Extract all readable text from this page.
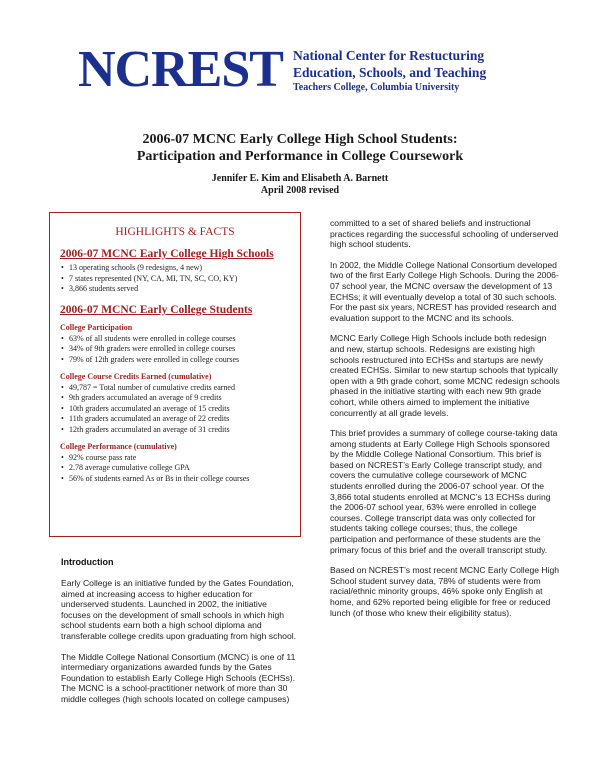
NCREST National Center for Restucturing
Education, Schools, and Teaching
Teachers College, Columbia University
2006-07 MCNC Early College High School Students:
Participation and Performance in College Coursework
Jennifer E. Kim and Elisabeth A. Barnett
April 2008 revised
HIGHLIGHTS & FACTS
2006-07 MCNC Early College High Schools
• 13 operating schools (9 redesigns, 4 new)
• 7 states represented (NY, CA, MI, TN, SC, CO, KY)
• 3,866 students served
2006-07 MCNC Early College Students
College Participation
• 63% of all students were enrolled in college courses
• 34% of 9th graders were enrolled in college courses
• 79% of 12th graders were enrolled in college courses
College Course Credits Earned (cumulative)
• 49,787 = Total number of cumulative credits earned
• 9th graders accumulated an average of 9 credits
• 10th graders accumulated an average of 15 credits
• 11th graders accumulated an average of 22 credits
• 12th graders accumulated an average of 31 credits
College Performance (cumulative)
• 92% course pass rate
• 2.78 average cumulative college GPA
• 56% of students earned As or Bs in their college courses
Introduction

Early College is an initiative funded by the Gates Foundation, aimed at increasing access to higher education for underserved students. Launched in 2002, the initiative focuses on the development of small schools in which high school students earn both a high school diploma and transferable college credits upon graduating from high school.

The Middle College National Consortium (MCNC) is one of 11 intermediary organizations awarded funds by the Gates Foundation to establish Early College High Schools (ECHSs). The MCNC is a school-practitioner network of more than 30 middle colleges (high schools located on college campuses)

committed to a set of shared beliefs and instructional practices regarding the successful schooling of underserved high school students.

In 2002, the Middle College National Consortium developed two of the first Early College High Schools. During the 2006-07 school year, the MCNC oversaw the development of 13 ECHSs; it will eventually develop a total of 30 such schools. For the past six years, NCREST has provided research and evaluation support to the MCNC and its schools.

MCNC Early College High Schools include both redesign and new, startup schools. Redesigns are existing high schools restructured into ECHSs and startups are newly created ECHSs. Similar to new startup schools that typically open with a 9th grade cohort, some MCNC redesign schools phased in the initiative starting with each new 9th grade cohort, while others aimed to implement the initiative concurrently at all grade levels.

This brief provides a summary of college course-taking data among students at Early College High Schools sponsored by the Middle College National Consortium. This brief is based on NCREST’s Early College transcript study, and covers the cumulative college coursework of MCNC students enrolled during the 2006-07 school year. Of the 3,866 total students enrolled at MCNC’s 13 ECHSs during the 2006-07 school year, 63% were enrolled in college courses. College transcript data was only collected for students taking college courses; thus, the college participation and performance of these students are the primary focus of this brief and the overall transcript study.

Based on NCREST’s most recent MCNC Early College High School student survey data, 78% of students were from racial/ethnic minority groups, 46% spoke only English at home, and 62% reported being eligible for free or reduced lunch (of those who knew their eligibility status).
